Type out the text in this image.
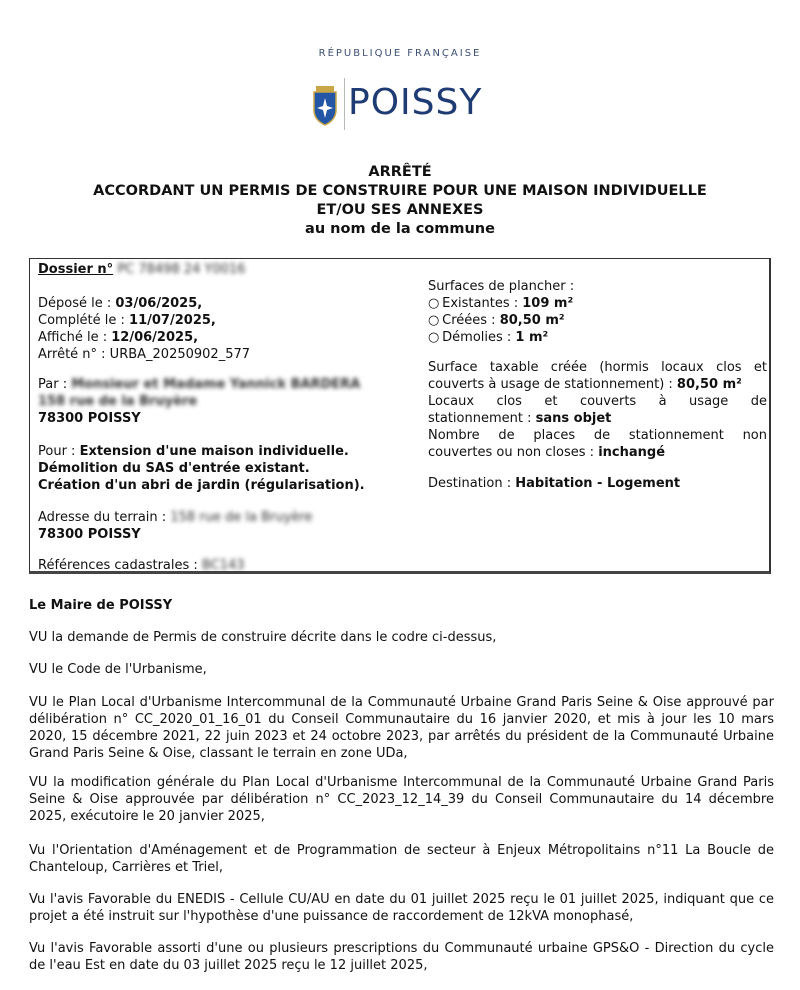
RÉPUBLIQUE FRANÇAISE
POISSY
ARRÊTÉ
ACCORDANT UN PERMIS DE CONSTRUIRE POUR UNE MAISON INDIVIDUELLE
ET/OU SES ANNEXES
au nom de la commune
Dossier n° PC 78498 24 Y0016
Déposé le : 03/06/2025,
Complété le : 11/07/2025,
Affiché le : 12/06/2025,
Arrêté n° : URBA_20250902_577
Par : Monsieur et Madame Yannick BARDERA
158 rue de la Bruyère
78300 POISSY
Pour : Extension d'une maison individuelle.
Démolition du SAS d'entrée existant.
Création d'un abri de jardin (régularisation).
Adresse du terrain : 158 rue de la Bruyère
78300 POISSY
Références cadastrales : BC143
Surfaces de plancher :
○ Existantes : 109 m²
○ Créées : 80,50 m²
○ Démolies : 1 m²
Surface taxable créée (hormis locaux clos et
couverts à usage de stationnement) : 80,50 m²
Locaux clos et couverts à usage de
stationnement : sans objet
Nombre de places de stationnement non
couvertes ou non closes : inchangé
Destination : Habitation - Logement
Le Maire de POISSY
VU la demande de Permis de construire décrite dans le codre ci-dessus,
VU le Code de l'Urbanisme,
VU le Plan Local d'Urbanisme Intercommunal de la Communauté Urbaine Grand Paris Seine & Oise approuvé par délibération n° CC_2020_01_16_01 du Conseil Communautaire du 16 janvier 2020, et mis à jour les 10 mars 2020, 15 décembre 2021, 22 juin 2023 et 24 octobre 2023, par arrêtés du président de la Communauté Urbaine Grand Paris Seine & Oise, classant le terrain en zone UDa,
VU la modification générale du Plan Local d'Urbanisme Intercommunal de la Communauté Urbaine Grand Paris Seine & Oise approuvée par délibération n° CC_2023_12_14_39 du Conseil Communautaire du 14 décembre 2025, exécutoire le 20 janvier 2025,
Vu l'Orientation d'Aménagement et de Programmation de secteur à Enjeux Métropolitains n°11 La Boucle de Chanteloup, Carrières et Triel,
Vu l'avis Favorable du ENEDIS - Cellule CU/AU en date du 01 juillet 2025 reçu le 01 juillet 2025, indiquant que ce projet a été instruit sur l'hypothèse d'une puissance de raccordement de 12kVA monophasé,
Vu l'avis Favorable assorti d'une ou plusieurs prescriptions du Communauté urbaine GPS&O - Direction du cycle de l'eau Est en date du 03 juillet 2025 reçu le 12 juillet 2025,
